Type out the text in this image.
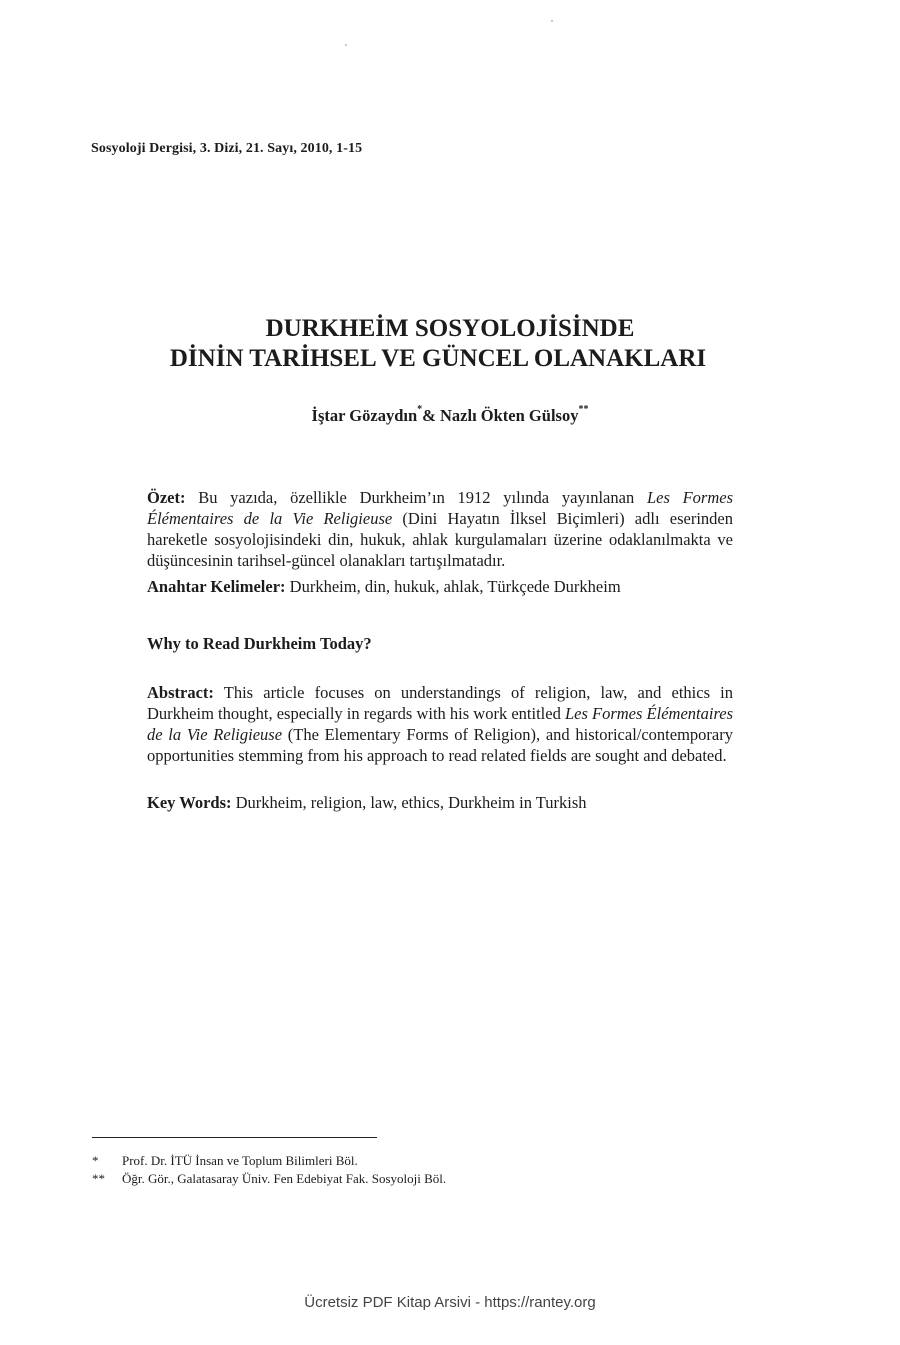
Sosyoloji Dergisi, 3. Dizi, 21. Sayı, 2010, 1-15
DURKHEİM SOSYOLOJİSİNDE
DİNİN TARİHSEL VE GÜNCEL OLANAKLARI
İştar Gözaydın*& Nazlı Ökten Gülsoy**
Özet: Bu yazıda, özellikle Durkheim’ın 1912 yılında yayınlanan Les Formes Élémentaires de la Vie Religieuse (Dini Hayatın İlksel Biçimleri) adlı eserinden hareketle sosyolojisindeki din, hukuk, ahlak kurgulamaları üzerine odaklanılmakta ve düşüncesinin tarihsel-güncel olanakları tartışılmatadır.
Anahtar Kelimeler: Durkheim, din, hukuk, ahlak, Türkçede Durkheim
Why to Read Durkheim Today?
Abstract: This article focuses on understandings of religion, law, and ethics in Durkheim thought, especially in regards with his work entitled Les Formes Élémentaires de la Vie Religieuse (The Elementary Forms of Religion), and historical/contemporary opportunities stemming from his approach to read related fields are sought and debated.
Key Words: Durkheim, religion, law, ethics, Durkheim in Turkish
* Prof. Dr. İTÜ İnsan ve Toplum Bilimleri Böl.
** Öğr. Gör., Galatasaray Üniv. Fen Edebiyat Fak. Sosyoloji Böl.
Ücretsiz PDF Kitap Arsivi - https://rantey.org
